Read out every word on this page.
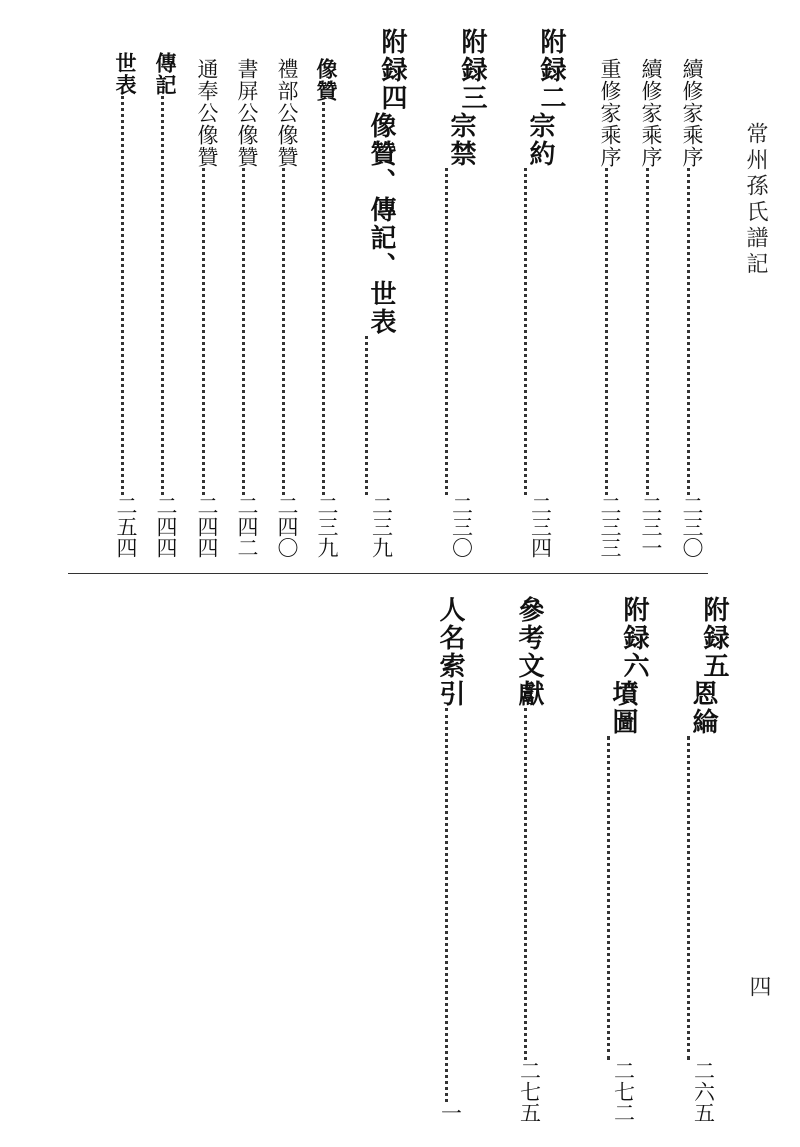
常州孫氏譜記
四
續修家乘序
二三〇
續修家乘序
二三一
重修家乘序
二三三
附録二
宗約
二三四
附録三
宗禁
二三〇
附録四
像贊、傳記、世表
二三九
像贊
二三九
禮部公像贊
二四〇
書屏公像贊
二四二
通奉公像贊
二四四
傳記
二四四
世表
二五四
附録五
恩綸
二六五
附録六
墳圖
二七二
參考文獻
二七五
人名索引
一
